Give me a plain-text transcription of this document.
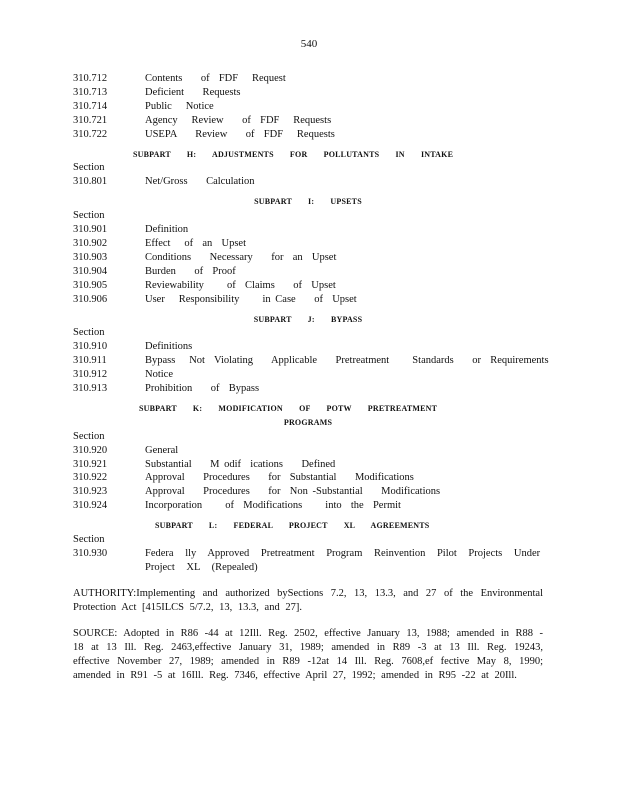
540
310.712	Contents    of  FDF   Request
310.713	Deficient    Requests
310.714	Public   Notice
310.721	Agency   Review    of  FDF   Requests
310.722	USEPA    Review    of  FDF   Requests
SUBPART H: ADJUSTMENTS FOR POLLUTANTS IN INTAKE
Section
310.801	Net/Gross    Calculation
SUBPART I: UPSETS
Section
310.901	Definition
310.902	Effect   of  an  Upset
310.903	Conditions    Necessary    for  an  Upset
310.904	Burden    of  Proof
310.905	Reviewability     of  Claims    of  Upset
310.906	User   Responsibility     in Case    of  Upset
SUBPART J: BYPASS
Section
310.910	Definitions
310.911	Bypass   Not  Violating    Applicable    Pretreatment     Standards    or  Requirements
310.912	Notice
310.913	Prohibition    of  Bypass
SUBPART K: MODIFICATION OF POTW PRETREATMENT
PROGRAMS
Section
310.920	General
310.921	Substantial    M odif  ications    Defined
310.922	Approval    Procedures    for  Substantial    Modifications
310.923	Approval    Procedures    for  Non -Substantial    Modifications
310.924	Incorporation     of  Modifications     into  the  Permit
SUBPART L: FEDERAL PROJECT XL AGREEMENTS
Section
310.930	Federa lly Approved Pretreatment Program Reinvention Pilot Projects Under Project XL (Repealed)
AUTHORITY:Implementing and authorized bySections 7.2, 13, 13.3, and 27 of the Environmental Protection Act [415ILCS 5/7.2, 13, 13.3, and 27].
SOURCE: Adopted in R86 -44 at 12Ill. Reg. 2502, effective January 13, 1988; amended in R88 - 18 at 13 Ill. Reg. 2463,effective January 31, 1989; amended in R89 -3 at 13 Ill. Reg. 19243, effective November 27, 1989; amended in R89 -12at 14 Ill. Reg. 7608,ef fective May 8, 1990; amended in R91 -5 at 16Ill. Reg. 7346, effective April 27, 1992; amended in R95 -22 at 20Ill.
